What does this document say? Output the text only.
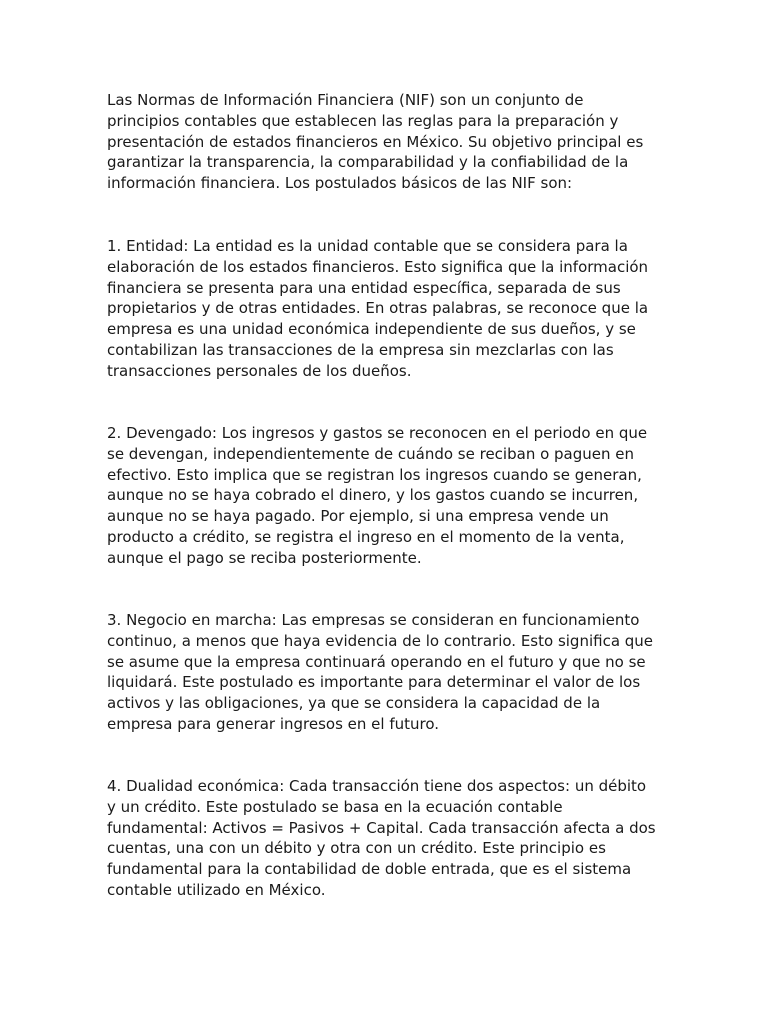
Las Normas de Información Financiera (NIF) son un conjunto de
principios contables que establecen las reglas para la preparación y
presentación de estados financieros en México. Su objetivo principal es
garantizar la transparencia, la comparabilidad y la confiabilidad de la
información financiera. Los postulados básicos de las NIF son:

1. Entidad: La entidad es la unidad contable que se considera para la
elaboración de los estados financieros. Esto significa que la información
financiera se presenta para una entidad específica, separada de sus
propietarios y de otras entidades. En otras palabras, se reconoce que la
empresa es una unidad económica independiente de sus dueños, y se
contabilizan las transacciones de la empresa sin mezclarlas con las
transacciones personales de los dueños.

2. Devengado: Los ingresos y gastos se reconocen en el periodo en que
se devengan, independientemente de cuándo se reciban o paguen en
efectivo. Esto implica que se registran los ingresos cuando se generan,
aunque no se haya cobrado el dinero, y los gastos cuando se incurren,
aunque no se haya pagado. Por ejemplo, si una empresa vende un
producto a crédito, se registra el ingreso en el momento de la venta,
aunque el pago se reciba posteriormente.

3. Negocio en marcha: Las empresas se consideran en funcionamiento
continuo, a menos que haya evidencia de lo contrario. Esto significa que
se asume que la empresa continuará operando en el futuro y que no se
liquidará. Este postulado es importante para determinar el valor de los
activos y las obligaciones, ya que se considera la capacidad de la
empresa para generar ingresos en el futuro.

4. Dualidad económica: Cada transacción tiene dos aspectos: un débito
y un crédito. Este postulado se basa en la ecuación contable
fundamental: Activos = Pasivos + Capital. Cada transacción afecta a dos
cuentas, una con un débito y otra con un crédito. Este principio es
fundamental para la contabilidad de doble entrada, que es el sistema
contable utilizado en México.
